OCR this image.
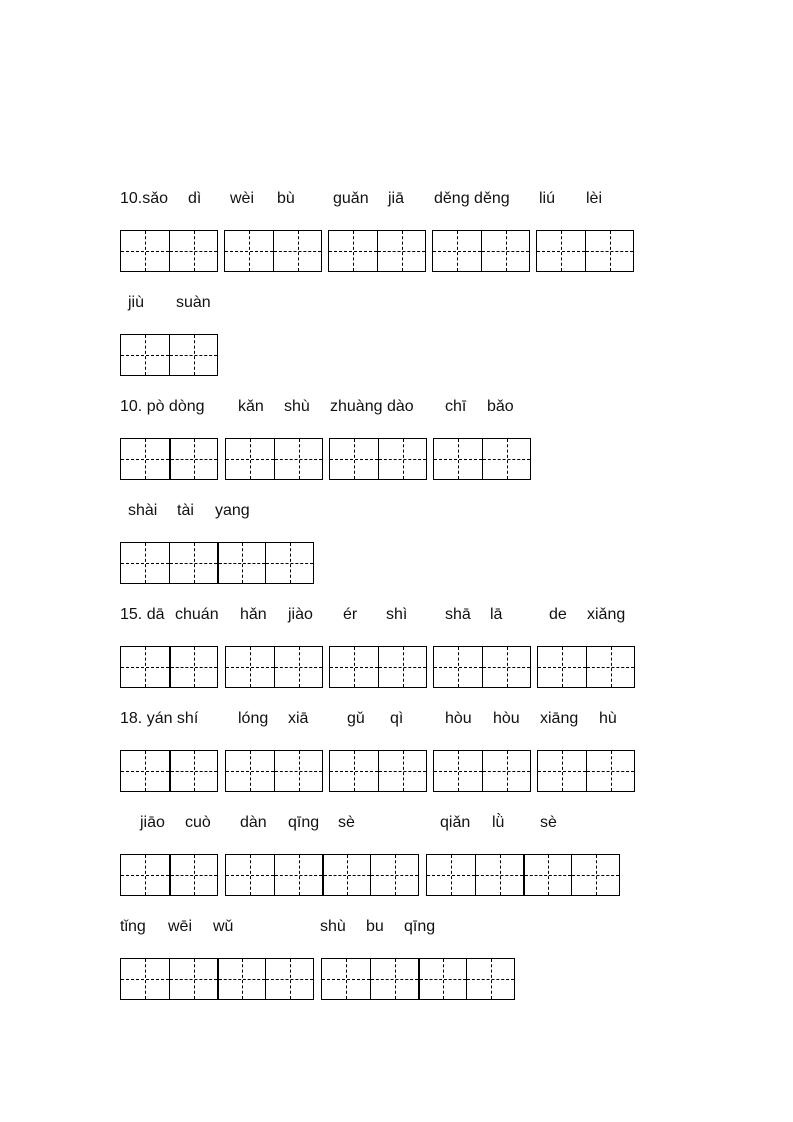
10.sǎo dì wèi bù guǎn jiā děng děng liú lèi
jiù suàn
10. pò dòng kǎn shù zhuàng dào chī bǎo
shài tài yang
15. dā chuán hǎn jiào ér shì shā lā	de xiǎng
18. yán shí lóng xiā gǔ qì	hòu hòu xiāng hù
jiāo cuò dàn qīng sè	qiǎn lǜ sè
tǐng wēi wǔ	shù bu qīng
